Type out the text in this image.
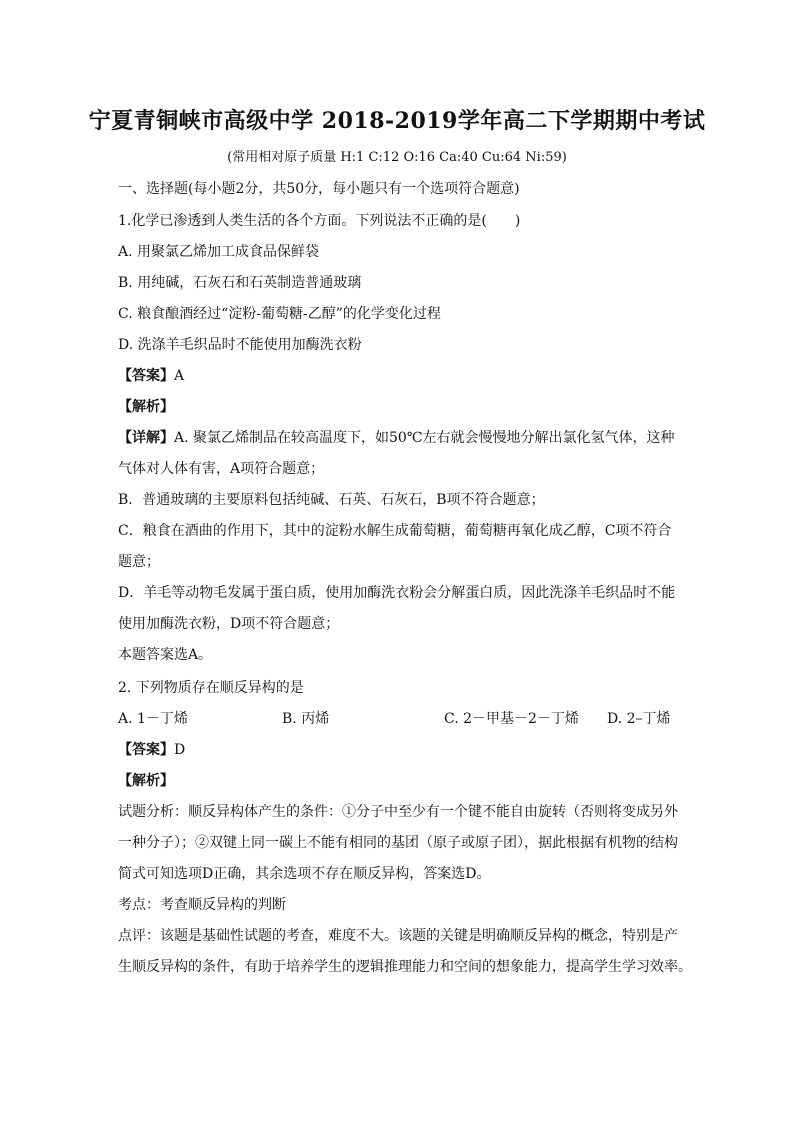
宁夏青铜峡市高级中学 2018-2019学年高二下学期期中考试
(常用相对原子质量 H:1 C:12 O:16 Ca:40 Cu:64 Ni:59)
一、选择题(每小题2分，共50分，每小题只有一个选项符合题意)
1.化学已渗透到人类生活的各个方面。下列说法不正确的是(　　)
A. 用聚氯乙烯加工成食品保鲜袋
B. 用纯碱，石灰石和石英制造普通玻璃
C. 粮食酿酒经过“淀粉-葡萄糖-乙醇”的化学变化过程
D. 洗涤羊毛织品时不能使用加酶洗衣粉
【答案】A
【解析】
【详解】A. 聚氯乙烯制品在较高温度下，如50℃左右就会慢慢地分解出氯化氢气体，这种
气体对人体有害，A项符合题意；
B．普通玻璃的主要原料包括纯碱、石英、石灰石，B项不符合题意；
C．粮食在酒曲的作用下，其中的淀粉水解生成葡萄糖，葡萄糖再氧化成乙醇，C项不符合
题意；
D．羊毛等动物毛发属于蛋白质，使用加酶洗衣粉会分解蛋白质，因此洗涤羊毛织品时不能
使用加酶洗衣粉，D项不符合题意；
本题答案选A。
2. 下列物质存在顺反异构的是
A. 1－丁烯	B. 丙烯	C. 2－甲基－2－丁烯 D. 2–丁烯
【答案】D
【解析】
试题分析：顺反异构体产生的条件：①分子中至少有一个键不能自由旋转（否则将变成另外
一种分子）；②双键上同一碳上不能有相同的基团（原子或原子团），据此根据有机物的结构
简式可知选项D正确，其余选项不存在顺反异构，答案选D。
考点：考查顺反异构的判断
点评：该题是基础性试题的考查，难度不大。该题的关键是明确顺反异构的概念，特别是产
生顺反异构的条件，有助于培养学生的逻辑推理能力和空间的想象能力，提高学生学习效率。
